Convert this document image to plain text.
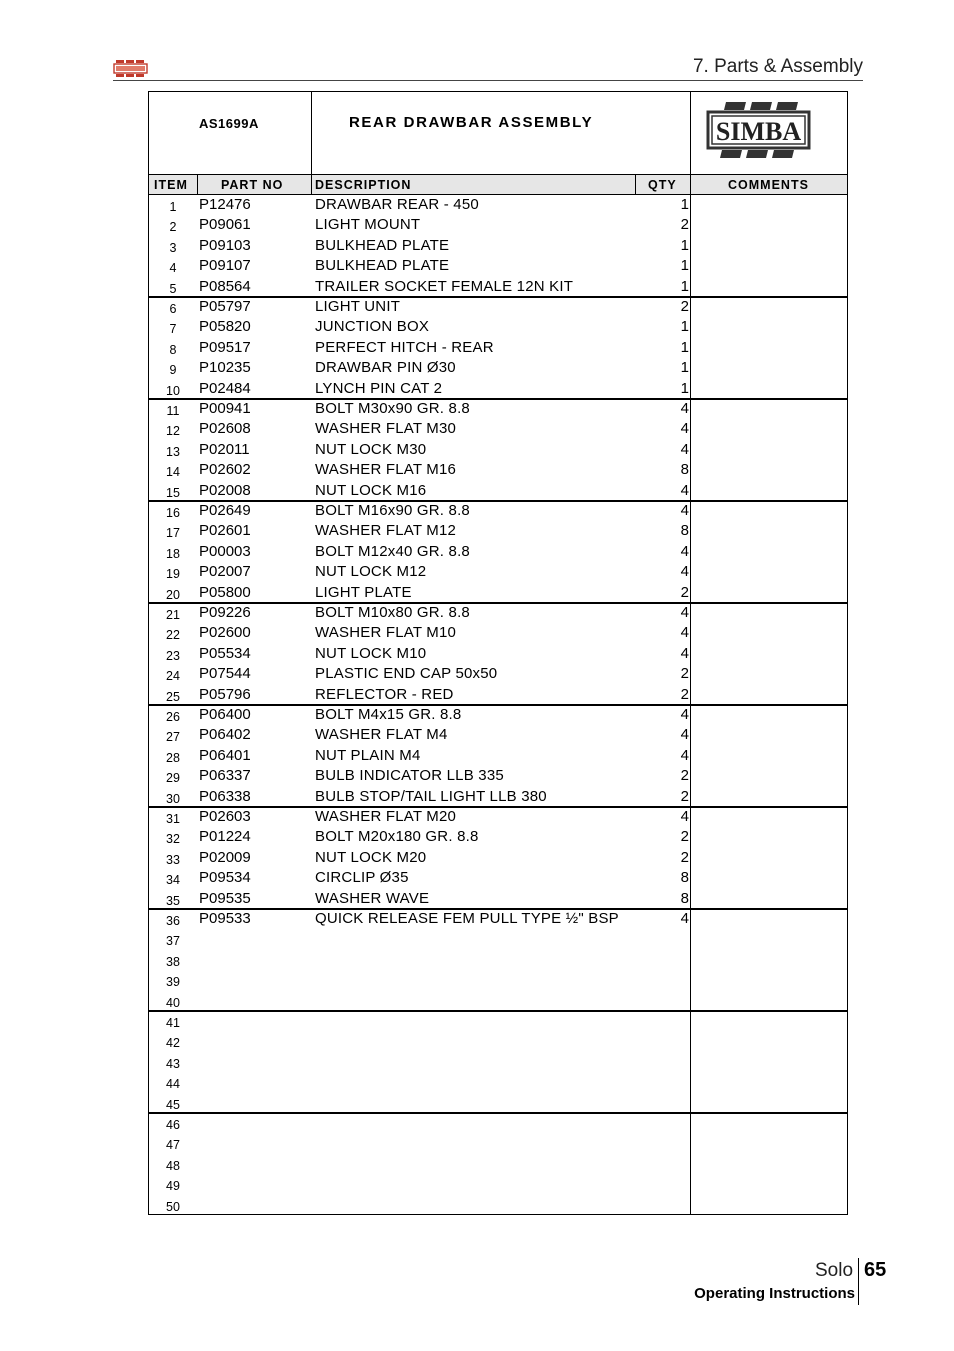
7. Parts & Assembly
AS1699A	REAR DRAWBAR ASSEMBLY	SIMBA
ITEM	PART NO	DESCRIPTION	QTY	COMMENTS
1	P12476	DRAWBAR REAR - 450	1
2	P09061	LIGHT MOUNT	2
3	P09103	BULKHEAD PLATE	1
4	P09107	BULKHEAD PLATE	1
5	P08564	TRAILER SOCKET FEMALE 12N KIT	1
6	P05797	LIGHT UNIT	2
7	P05820	JUNCTION BOX	1
8	P09517	PERFECT HITCH - REAR	1
9	P10235	DRAWBAR PIN Ø30	1
10	P02484	LYNCH PIN CAT 2	1
11	P00941	BOLT M30x90 GR. 8.8	4
12	P02608	WASHER FLAT M30	4
13	P02011	NUT LOCK M30	4
14	P02602	WASHER FLAT M16	8
15	P02008	NUT LOCK M16	4
16	P02649	BOLT M16x90 GR. 8.8	4
17	P02601	WASHER FLAT M12	8
18	P00003	BOLT M12x40 GR. 8.8	4
19	P02007	NUT LOCK M12	4
20	P05800	LIGHT PLATE	2
21	P09226	BOLT M10x80 GR. 8.8	4
22	P02600	WASHER FLAT M10	4
23	P05534	NUT LOCK M10	4
24	P07544	PLASTIC END CAP 50x50	2
25	P05796	REFLECTOR - RED	2
26	P06400	BOLT M4x15 GR. 8.8	4
27	P06402	WASHER FLAT M4	4
28	P06401	NUT PLAIN M4	4
29	P06337	BULB INDICATOR LLB 335	2
30	P06338	BULB STOP/TAIL LIGHT LLB 380	2
31	P02603	WASHER FLAT M20	4
32	P01224	BOLT M20x180 GR. 8.8	2
33	P02009	NUT LOCK M20	2
34	P09534	CIRCLIP Ø35	8
35	P09535	WASHER WAVE	8
36	P09533	QUICK RELEASE FEM PULL TYPE ½" BSP	4
37
38
39
40
41
42
43
44
45
46
47
48
49
50
Solo 65
Operating Instructions
